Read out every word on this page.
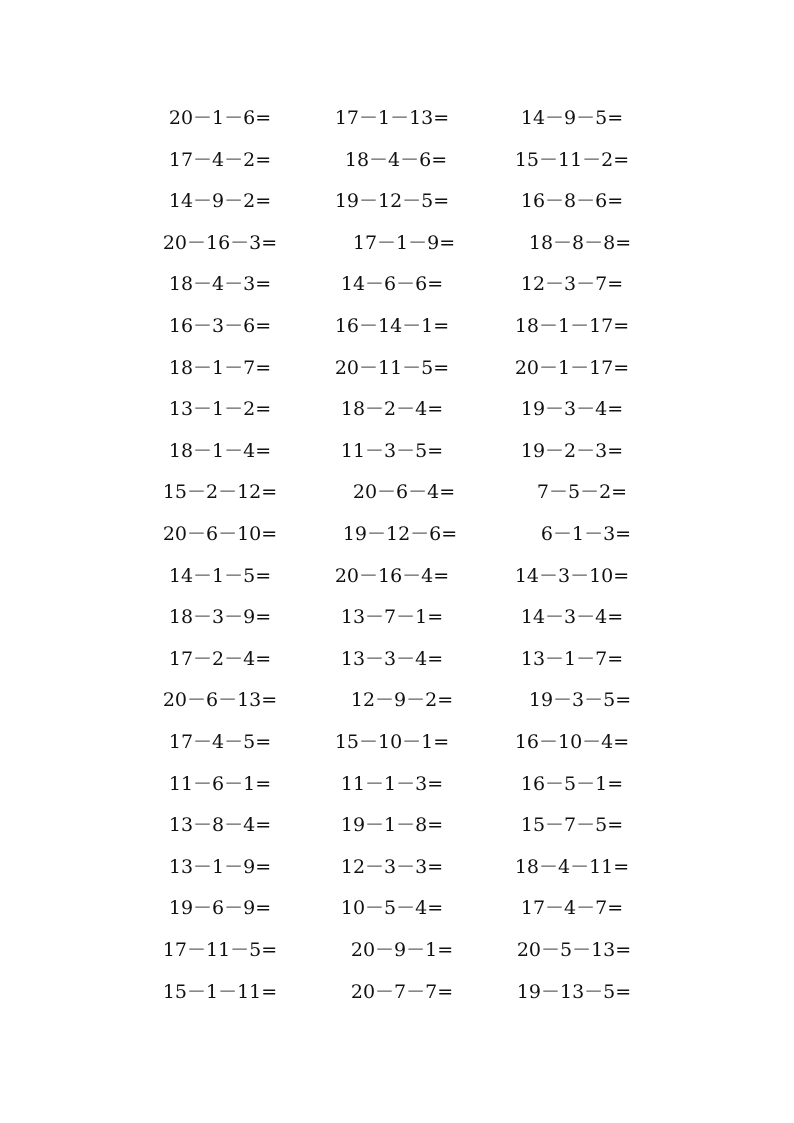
20－1－6=	17－1－13=	14－9－5=
17－4－2=	18－4－6=	15－11－2=
14－9－2=	19－12－5=	16－8－6=
20－16－3=	17－1－9=	18－8－8=
18－4－3=	14－6－6=	12－3－7=
16－3－6=	16－14－1=	18－1－17=
18－1－7=	20－11－5=	20－1－17=
13－1－2=	18－2－4=	19－3－4=
18－1－4=	11－3－5=	19－2－3=
15－2－12=	20－6－4=	7－5－2=
20－6－10=	19－12－6=	6－1－3=
14－1－5=	20－16－4=	14－3－10=
18－3－9=	13－7－1=	14－3－4=
17－2－4=	13－3－4=	13－1－7=
20－6－13=	12－9－2=	19－3－5=
17－4－5=	15－10－1=	16－10－4=
11－6－1=	11－1－3=	16－5－1=
13－8－4=	19－1－8=	15－7－5=
13－1－9=	12－3－3=	18－4－11=
19－6－9=	10－5－4=	17－4－7=
17－11－5=	20－9－1=	20－5－13=
15－1－11=	20－7－7=	19－13－5=
